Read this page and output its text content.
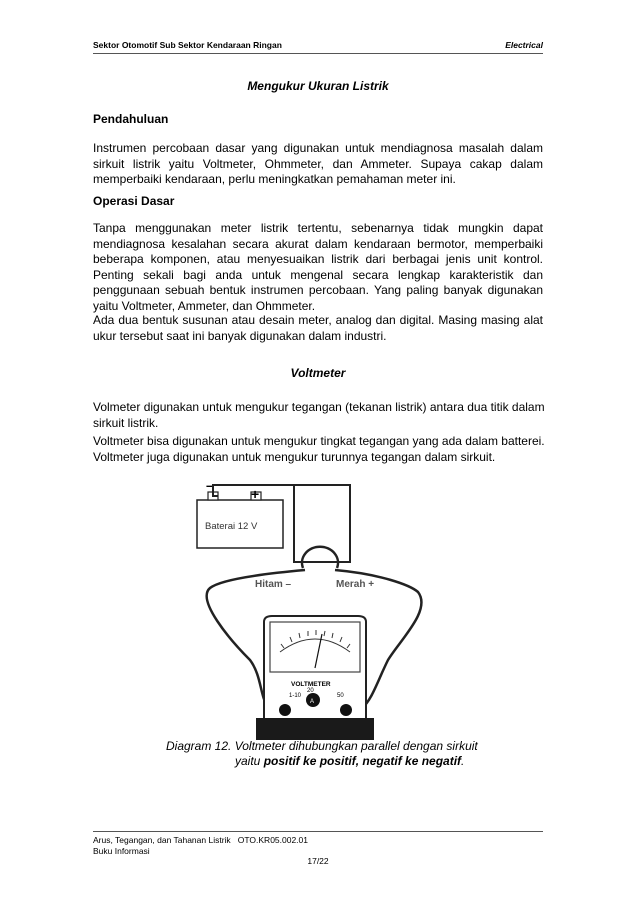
Sektor Otomotif Sub Sektor Kendaraan Ringan	Electrical
Mengukur Ukuran Listrik
Pendahuluan
Instrumen percobaan dasar yang digunakan untuk mendiagnosa masalah dalam
sirkuit listrik yaitu Voltmeter, Ohmmeter, dan Ammeter. Supaya cakap dalam
memperbaiki kendaraan, perlu meningkatkan pemahaman meter ini.
Operasi Dasar
Tanpa menggunakan meter listrik tertentu, sebenarnya tidak mungkin dapat
mendiagnosa kesalahan secara akurat dalam kendaraan bermotor, memperbaiki
beberapa komponen, atau menyesuaikan listrik dari berbagai jenis unit kontrol.
Penting sekali bagi anda untuk mengenal secara lengkap karakteristik dan
penggunaan sebuah bentuk instrumen percobaan. Yang paling banyak digunakan
yaitu Voltmeter, Ammeter, dan Ohmmeter.
Ada dua bentuk susunan atau desain meter, analog dan digital. Masing masing alat
ukur tersebut saat ini banyak digunakan dalam industri.
Voltmeter
Volmeter digunakan untuk mengukur tegangan (tekanan listrik) antara dua titik dalam
sirkuit listrik.
Voltmeter bisa digunakan untuk mengukur tingkat tegangan yang ada dalam batterei.
Voltmeter juga digunakan untuk mengukur turunnya tegangan dalam sirkuit.
–
+
Baterai 12 V
Hitam –	Merah +
VOLTMETER
20
1-10	50
A
Diagram 12. Voltmeter dihubungkan parallel dengan sirkuit
yaitu positif ke positif, negatif ke negatif.
Arus, Tegangan, dan Tahanan Listrik   OTO.KR05.002.01
Buku Informasi
17/22
